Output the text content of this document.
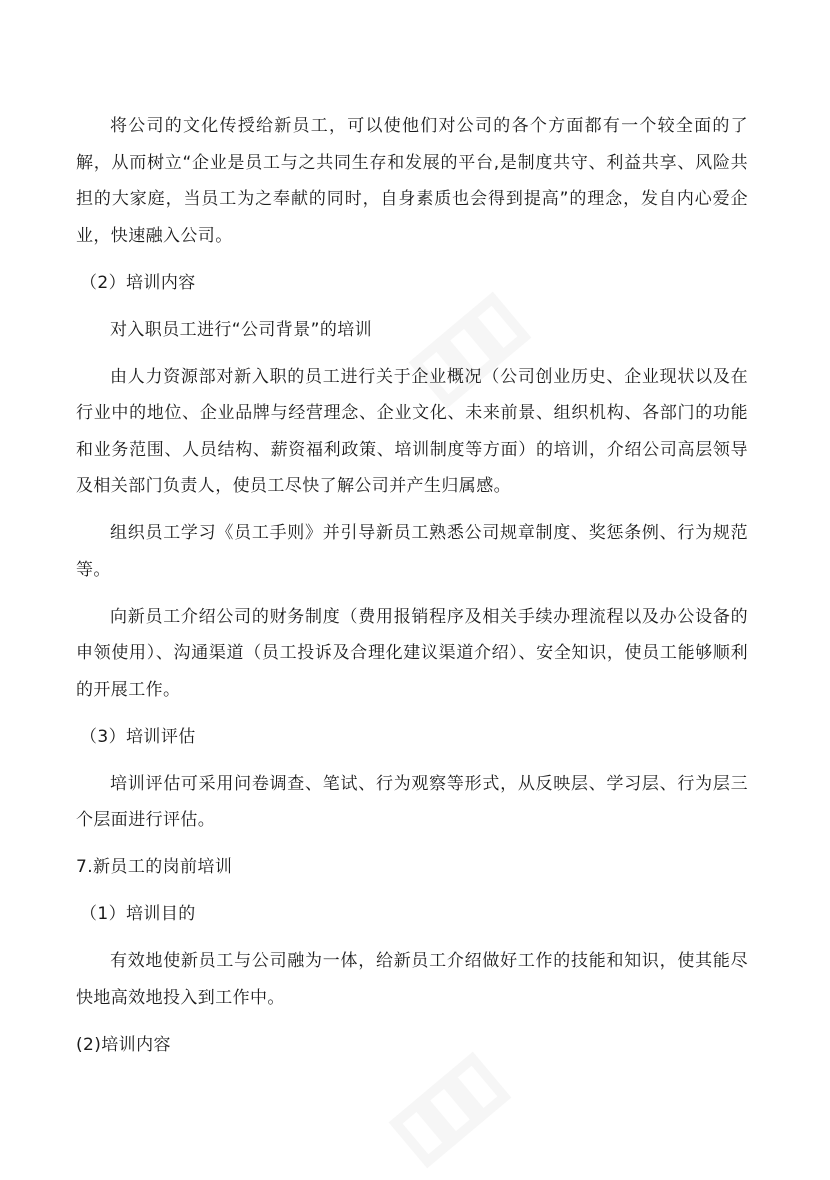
将公司的文化传授给新员工，可以使他们对公司的各个方面都有一个较全面的了解，从而树立“企业是员工与之共同生存和发展的平台,是制度共守、利益共享、风险共担的大家庭，当员工为之奉献的同时，自身素质也会得到提高”的理念，发自内心爱企业，快速融入公司。

（2）培训内容

对入职员工进行“公司背景”的培训

由人力资源部对新入职的员工进行关于企业概况（公司创业历史、企业现状以及在行业中的地位、企业品牌与经营理念、企业文化、未来前景、组织机构、各部门的功能和业务范围、人员结构、薪资福利政策、培训制度等方面）的培训，介绍公司高层领导及相关部门负责人，使员工尽快了解公司并产生归属感。

组织员工学习《员工手则》并引导新员工熟悉公司规章制度、奖惩条例、行为规范等。

向新员工介绍公司的财务制度（费用报销程序及相关手续办理流程以及办公设备的申领使用）、沟通渠道（员工投诉及合理化建议渠道介绍）、安全知识，使员工能够顺利的开展工作。

（3）培训评估

培训评估可采用问卷调查、笔试、行为观察等形式，从反映层、学习层、行为层三个层面进行评估。

7.新员工的岗前培训

（1）培训目的

有效地使新员工与公司融为一体，给新员工介绍做好工作的技能和知识，使其能尽快地高效地投入到工作中。

(2)培训内容
